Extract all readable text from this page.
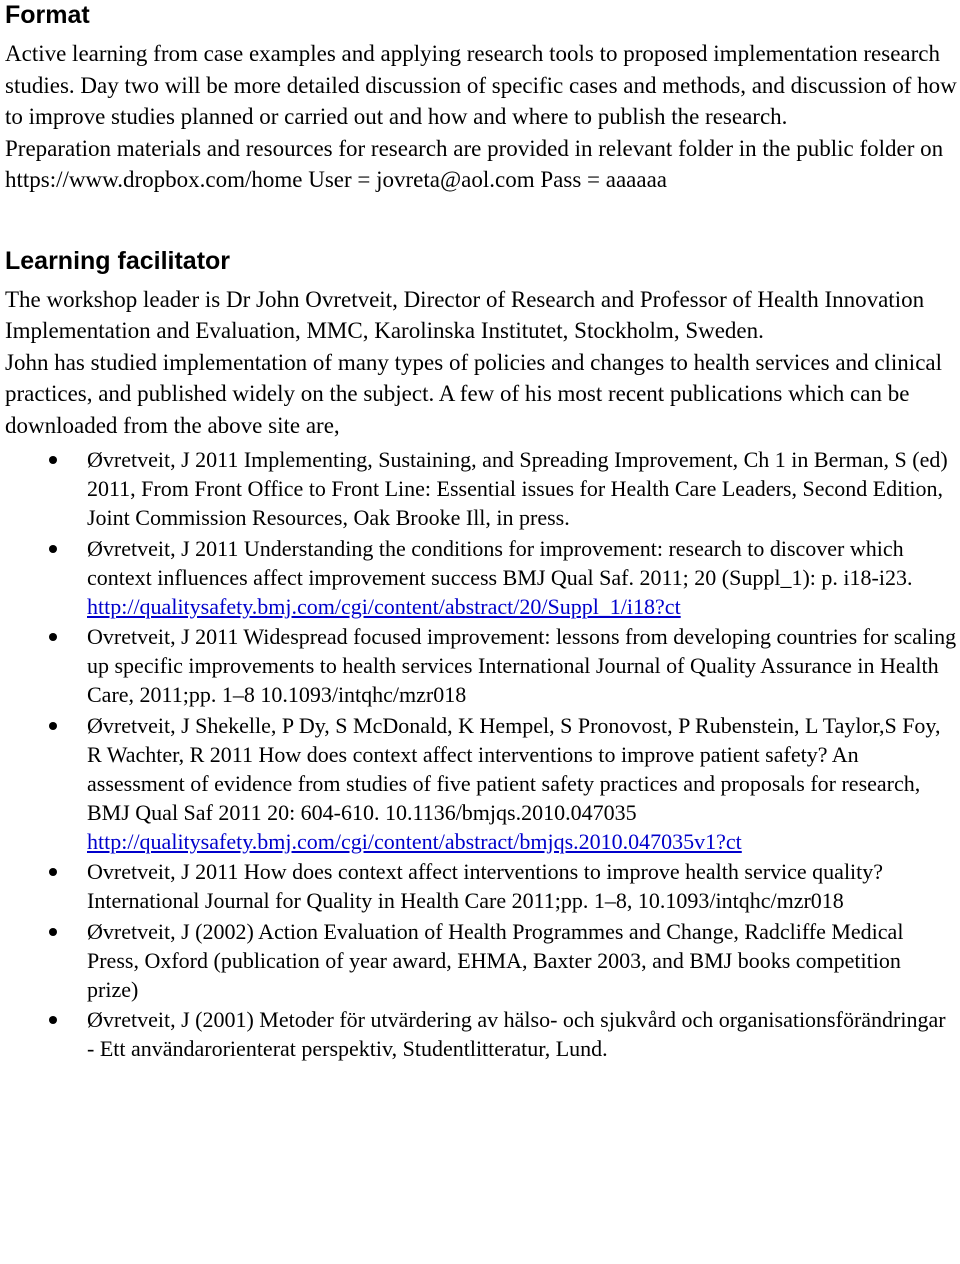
Format

Active learning from case examples and applying research tools to proposed implementation research studies. Day two will be more detailed discussion of specific cases and methods, and discussion of how to improve studies planned or carried out and how and where to publish the research.

Preparation materials and resources for research are provided in relevant folder in the public folder on https://www.dropbox.com/home User = jovreta@aol.com Pass = aaaaaa

Learning facilitator

The workshop leader is Dr John Ovretveit, Director of Research and Professor of Health Innovation Implementation and Evaluation, MMC, Karolinska Institutet, Stockholm, Sweden.

John has studied implementation of many types of policies and changes to health services and clinical practices, and published widely on the subject. A few of his most recent publications which can be downloaded from the above site are,

Øvretveit, J 2011 Implementing, Sustaining, and Spreading Improvement, Ch 1 in Berman, S (ed) 2011, From Front Office to Front Line: Essential issues for Health Care Leaders, Second Edition, Joint Commission Resources, Oak Brooke Ill, in press.
Øvretveit, J 2011 Understanding the conditions for improvement: research to discover which context influences affect improvement success BMJ Qual Saf. 2011; 20 (Suppl_1): p. i18-i23.
http://qualitysafety.bmj.com/cgi/content/abstract/20/Suppl_1/i18?ct
Ovretveit, J 2011 Widespread focused improvement: lessons from developing countries for scaling up specific improvements to health services International Journal of Quality Assurance in Health Care, 2011;pp. 1–8 10.1093/intqhc/mzr018
Øvretveit, J Shekelle, P Dy, S McDonald, K Hempel, S Pronovost, P Rubenstein, L Taylor,S Foy, R Wachter, R 2011 How does context affect interventions to improve patient safety? An assessment of evidence from studies of five patient safety practices and proposals for research, BMJ Qual Saf 2011 20: 604-610. 10.1136/bmjqs.2010.047035
http://qualitysafety.bmj.com/cgi/content/abstract/bmjqs.2010.047035v1?ct
Ovretveit, J 2011 How does context affect interventions to improve health service quality? International Journal for Quality in Health Care 2011;pp. 1–8, 10.1093/intqhc/mzr018
Øvretveit, J (2002) Action Evaluation of Health Programmes and Change, Radcliffe Medical Press, Oxford (publication of year award, EHMA, Baxter 2003, and BMJ books competition prize)
Øvretveit, J (2001) Metoder för utvärdering av hälso- och sjukvård och organisationsförändringar - Ett användarorienterat perspektiv, Studentlitteratur, Lund.
